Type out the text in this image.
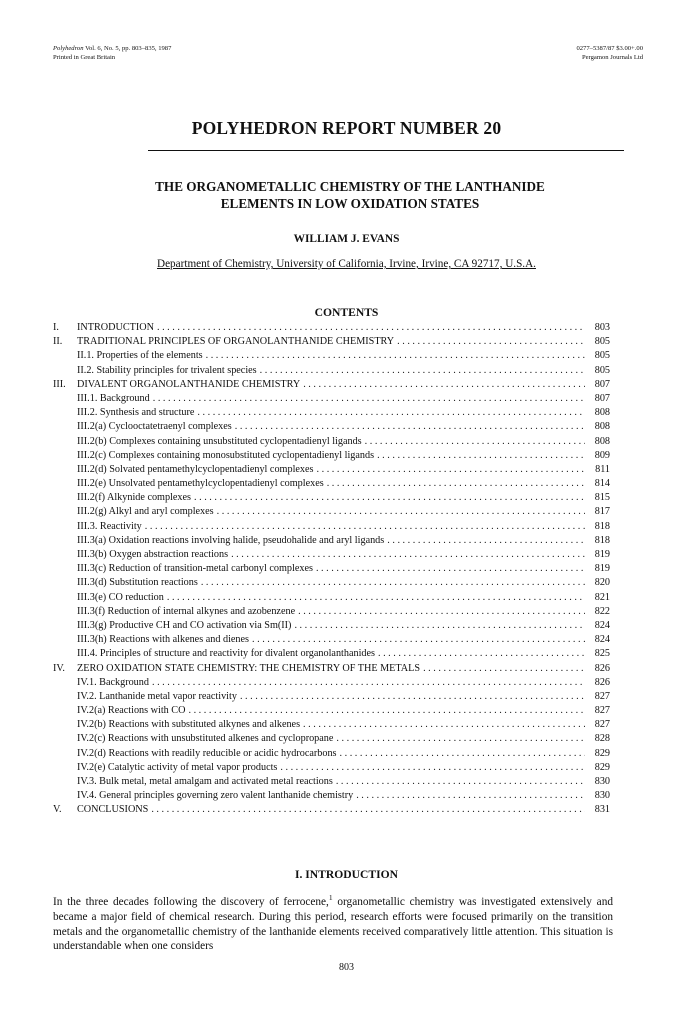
Polyhedron Vol. 6, No. 5, pp. 803–835, 1987
Printed in Great Britain
0277–5387/87 $3.00+.00
Pergamon Journals Ltd
POLYHEDRON REPORT NUMBER 20
THE ORGANOMETALLIC CHEMISTRY OF THE LANTHANIDE
ELEMENTS IN LOW OXIDATION STATES
WILLIAM J. EVANS
Department of Chemistry, University of California, Irvine, Irvine, CA 92717, U.S.A.
CONTENTS
I.	INTRODUCTION . . .	803
II.	TRADITIONAL PRINCIPLES OF ORGANOLANTHANIDE CHEMISTRY . . .	805
II.1. Properties of the elements . . .	805
II.2. Stability principles for trivalent species . . .	805
III.	DIVALENT ORGANOLANTHANIDE CHEMISTRY . . .	807
III.1. Background . . .	807
III.2. Synthesis and structure . . .	808
III.2(a) Cyclooctatetraenyl complexes . . .	808
III.2(b) Complexes containing unsubstituted cyclopentadienyl ligands . . .	808
III.2(c) Complexes containing monosubstituted cyclopentadienyl ligands . . .	809
III.2(d) Solvated pentamethylcyclopentadienyl complexes . . .	811
III.2(e) Unsolvated pentamethylcyclopentadienyl complexes . . .	814
III.2(f) Alkynide complexes . . .	815
III.2(g) Alkyl and aryl complexes . . .	817
III.3. Reactivity . . .	818
III.3(a) Oxidation reactions involving halide, pseudohalide and aryl ligands . . .	818
III.3(b) Oxygen abstraction reactions . . .	819
III.3(c) Reduction of transition-metal carbonyl complexes . . .	819
III.3(d) Substitution reactions . . .	820
III.3(e) CO reduction . . .	821
III.3(f) Reduction of internal alkynes and azobenzene . . .	822
III.3(g) Productive CH and CO activation via Sm(II) . . .	824
III.3(h) Reactions with alkenes and dienes . . .	824
III.4. Principles of structure and reactivity for divalent organolanthanides . . .	825
IV.	ZERO OXIDATION STATE CHEMISTRY: THE CHEMISTRY OF THE METALS . . .	826
IV.1. Background . . .	826
IV.2. Lanthanide metal vapor reactivity . . .	827
IV.2(a) Reactions with CO . . .	827
IV.2(b) Reactions with substituted alkynes and alkenes . . .	827
IV.2(c) Reactions with unsubstituted alkenes and cyclopropane . . .	828
IV.2(d) Reactions with readily reducible or acidic hydrocarbons . . .	829
IV.2(e) Catalytic activity of metal vapor products . . .	829
IV.3. Bulk metal, metal amalgam and activated metal reactions . . .	830
IV.4. General principles governing zero valent lanthanide chemistry . . .	830
V.	CONCLUSIONS . . .	831
I. INTRODUCTION
In the three decades following the discovery of ferrocene,$^1$ organometallic chemistry was investigated extensively and became a major field of chemical research. During this period, research efforts were focused primarily on the transition metals and the organometallic chemistry of the lanthanide elements received comparatively little attention. This situation is understandable when one considers
803
